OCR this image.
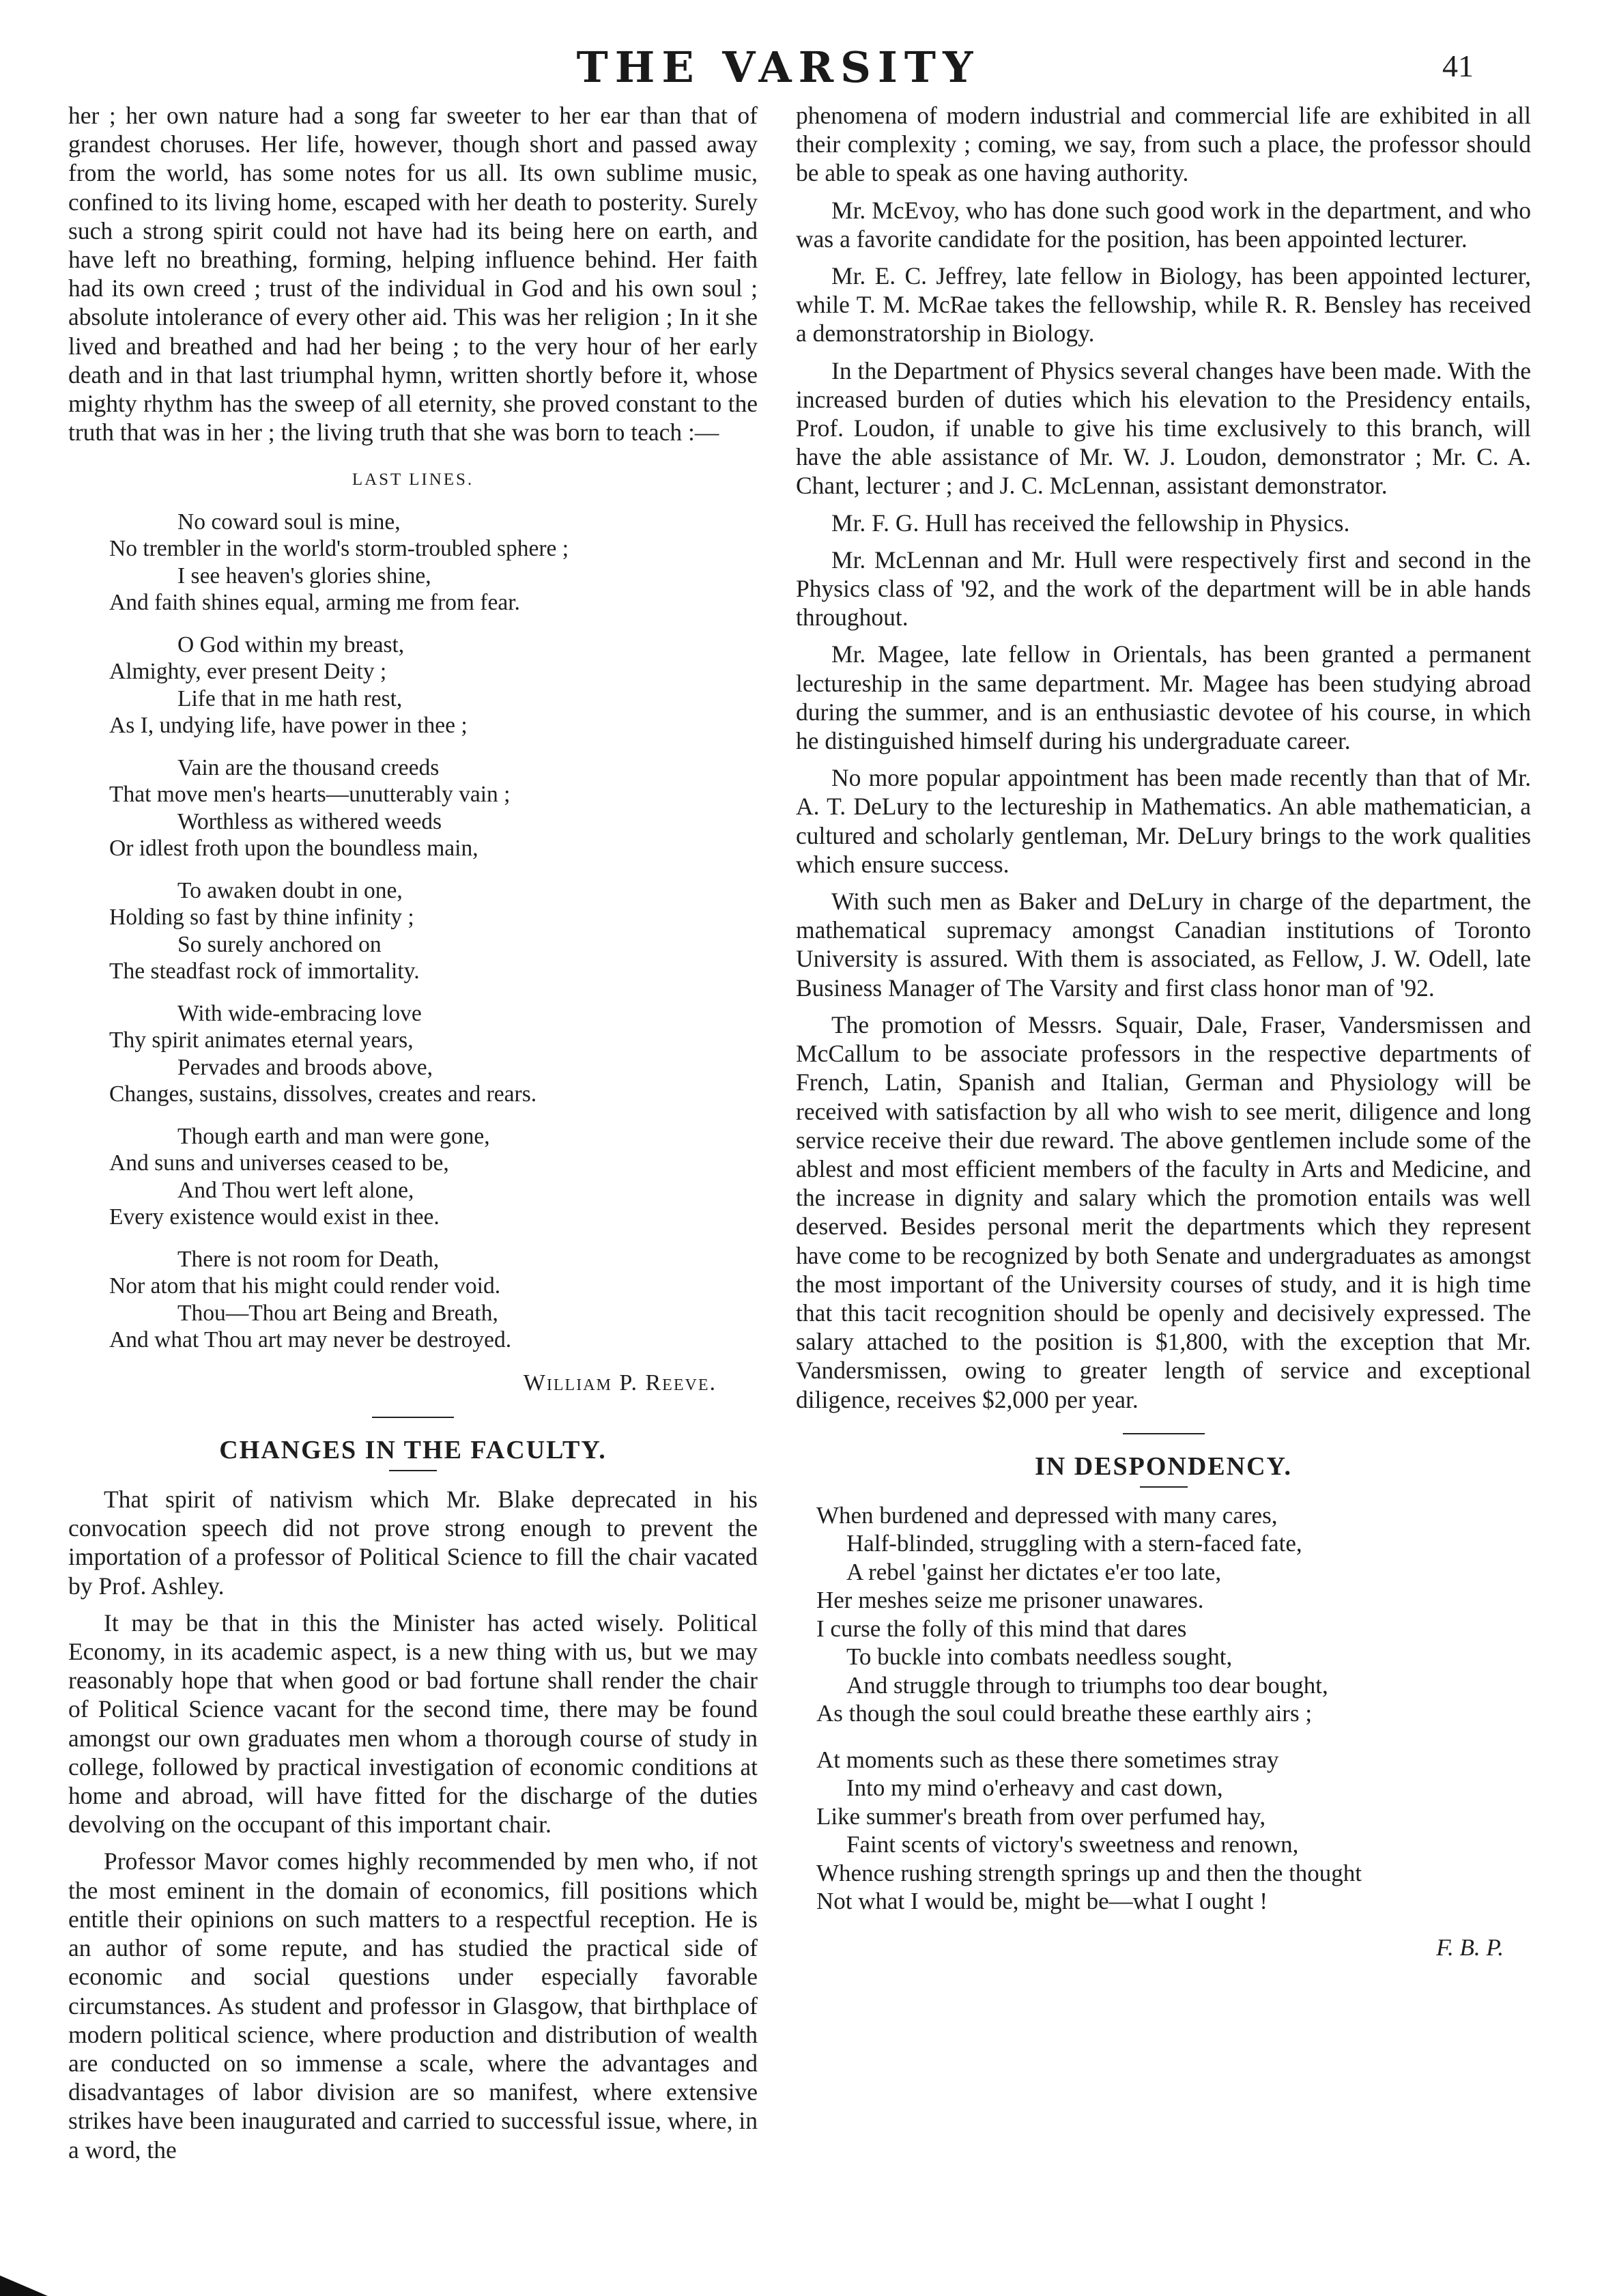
THE VARSITY	41

her ; her own nature had a song far sweeter to her ear than that of grandest choruses. Her life, however, though short and passed away from the world, has some notes for us all. Its own sublime music, confined to its living home, escaped with her death to posterity. Surely such a strong spirit could not have had its being here on earth, and have left no breathing, forming, helping influence behind. Her faith had its own creed ; trust of the individual in God and his own soul ; absolute intolerance of every other aid. This was her religion ; In it she lived and breathed and had her being ; to the very hour of her early death and in that last triumphal hymn, written shortly before it, whose mighty rhythm has the sweep of all eternity, she proved constant to the truth that was in her ; the living truth that she was born to teach :—

LAST LINES.
No coward soul is mine,
No trembler in the world's storm-troubled sphere ;
I see heaven's glories shine,
And faith shines equal, arming me from fear.
O God within my breast,
Almighty, ever present Deity ;
Life that in me hath rest,
As I, undying life, have power in thee ;
Vain are the thousand creeds
That move men's hearts—unutterably vain ;
Worthless as withered weeds
Or idlest froth upon the boundless main,
To awaken doubt in one,
Holding so fast by thine infinity ;
So surely anchored on
The steadfast rock of immortality.
With wide-embracing love
Thy spirit animates eternal years,
Pervades and broods above,
Changes, sustains, dissolves, creates and rears.
Though earth and man were gone,
And suns and universes ceased to be,
And Thou wert left alone,
Every existence would exist in thee.
There is not room for Death,
Nor atom that his might could render void.
Thou—Thou art Being and Breath,
And what Thou art may never be destroyed.
William P. Reeve.
CHANGES IN THE FACULTY.

That spirit of nativism which Mr. Blake deprecated in his convocation speech did not prove strong enough to prevent the importation of a professor of Political Science to fill the chair vacated by Prof. Ashley.

It may be that in this the Minister has acted wisely. Political Economy, in its academic aspect, is a new thing with us, but we may reasonably hope that when good or bad fortune shall render the chair of Political Science vacant for the second time, there may be found amongst our own graduates men whom a thorough course of study in college, followed by practical investigation of economic conditions at home and abroad, will have fitted for the discharge of the duties devolving on the occupant of this important chair.

Professor Mavor comes highly recommended by men who, if not the most eminent in the domain of economics, fill positions which entitle their opinions on such matters to a respectful reception. He is an author of some repute, and has studied the practical side of economic and social questions under especially favorable circumstances. As student and professor in Glasgow, that birthplace of modern political science, where production and distribution of wealth are conducted on so immense a scale, where the advantages and disadvantages of labor division are so manifest, where extensive strikes have been inaugurated and carried to successful issue, where, in a word, the

phenomena of modern industrial and commercial life are exhibited in all their complexity ; coming, we say, from such a place, the professor should be able to speak as one having authority.

Mr. McEvoy, who has done such good work in the department, and who was a favorite candidate for the position, has been appointed lecturer.

Mr. E. C. Jeffrey, late fellow in Biology, has been appointed lecturer, while T. M. McRae takes the fellowship, while R. R. Bensley has received a demonstratorship in Biology.

In the Department of Physics several changes have been made. With the increased burden of duties which his elevation to the Presidency entails, Prof. Loudon, if unable to give his time exclusively to this branch, will have the able assistance of Mr. W. J. Loudon, demonstrator ; Mr. C. A. Chant, lecturer ; and J. C. McLennan, assistant demonstrator.

Mr. F. G. Hull has received the fellowship in Physics.

Mr. McLennan and Mr. Hull were respectively first and second in the Physics class of '92, and the work of the department will be in able hands throughout.

Mr. Magee, late fellow in Orientals, has been granted a permanent lectureship in the same department. Mr. Magee has been studying abroad during the summer, and is an enthusiastic devotee of his course, in which he distinguished himself during his undergraduate career.

No more popular appointment has been made recently than that of Mr. A. T. DeLury to the lectureship in Mathematics. An able mathematician, a cultured and scholarly gentleman, Mr. DeLury brings to the work qualities which ensure success.

With such men as Baker and DeLury in charge of the department, the mathematical supremacy amongst Canadian institutions of Toronto University is assured. With them is associated, as Fellow, J. W. Odell, late Business Manager of The Varsity and first class honor man of '92.

The promotion of Messrs. Squair, Dale, Fraser, Vandersmissen and McCallum to be associate professors in the respective departments of French, Latin, Spanish and Italian, German and Physiology will be received with satisfaction by all who wish to see merit, diligence and long service receive their due reward. The above gentlemen include some of the ablest and most efficient members of the faculty in Arts and Medicine, and the increase in dignity and salary which the promotion entails was well deserved. Besides personal merit the departments which they represent have come to be recognized by both Senate and undergraduates as amongst the most important of the University courses of study, and it is high time that this tacit recognition should be openly and decisively expressed. The salary attached to the position is $1,800, with the exception that Mr. Vandersmissen, owing to greater length of service and exceptional diligence, receives $2,000 per year.

IN DESPONDENCY.
When burdened and depressed with many cares,
Half-blinded, struggling with a stern-faced fate,
A rebel 'gainst her dictates e'er too late,
Her meshes seize me prisoner unawares.
I curse the folly of this mind that dares
To buckle into combats needless sought,
And struggle through to triumphs too dear bought,
As though the soul could breathe these earthly airs ;
At moments such as these there sometimes stray
Into my mind o'erheavy and cast down,
Like summer's breath from over perfumed hay,
Faint scents of victory's sweetness and renown,
Whence rushing strength springs up and then the thought
Not what I would be, might be—what I ought !
F. B. P.
